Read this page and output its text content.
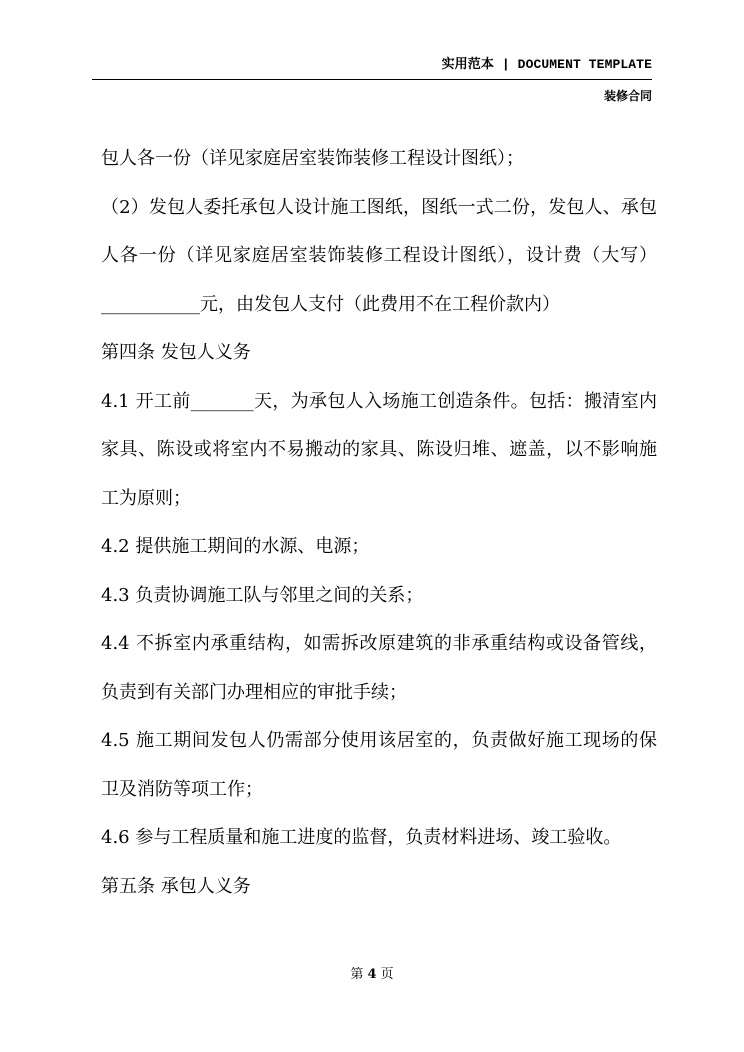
实用范本 | DOCUMENT TEMPLATE
装修合同

包人各一份（详见家庭居室装饰装修工程设计图纸）；

（2）发包人委托承包人设计施工图纸，图纸一式二份，发包人、承包人各一份（详见家庭居室装饰装修工程设计图纸），设计费（大写）___________元，由发包人支付（此费用不在工程价款内）

第四条 发包人义务

4.1 开工前_______天，为承包人入场施工创造条件。包括：搬清室内家具、陈设或将室内不易搬动的家具、陈设归堆、遮盖，以不影响施工为原则；

4.2 提供施工期间的水源、电源；

4.3 负责协调施工队与邻里之间的关系；

4.4 不拆室内承重结构，如需拆改原建筑的非承重结构或设备管线，负责到有关部门办理相应的审批手续；

4.5 施工期间发包人仍需部分使用该居室的，负责做好施工现场的保卫及消防等项工作；

4.6 参与工程质量和施工进度的监督，负责材料进场、竣工验收。

第五条 承包人义务

第 4 页
